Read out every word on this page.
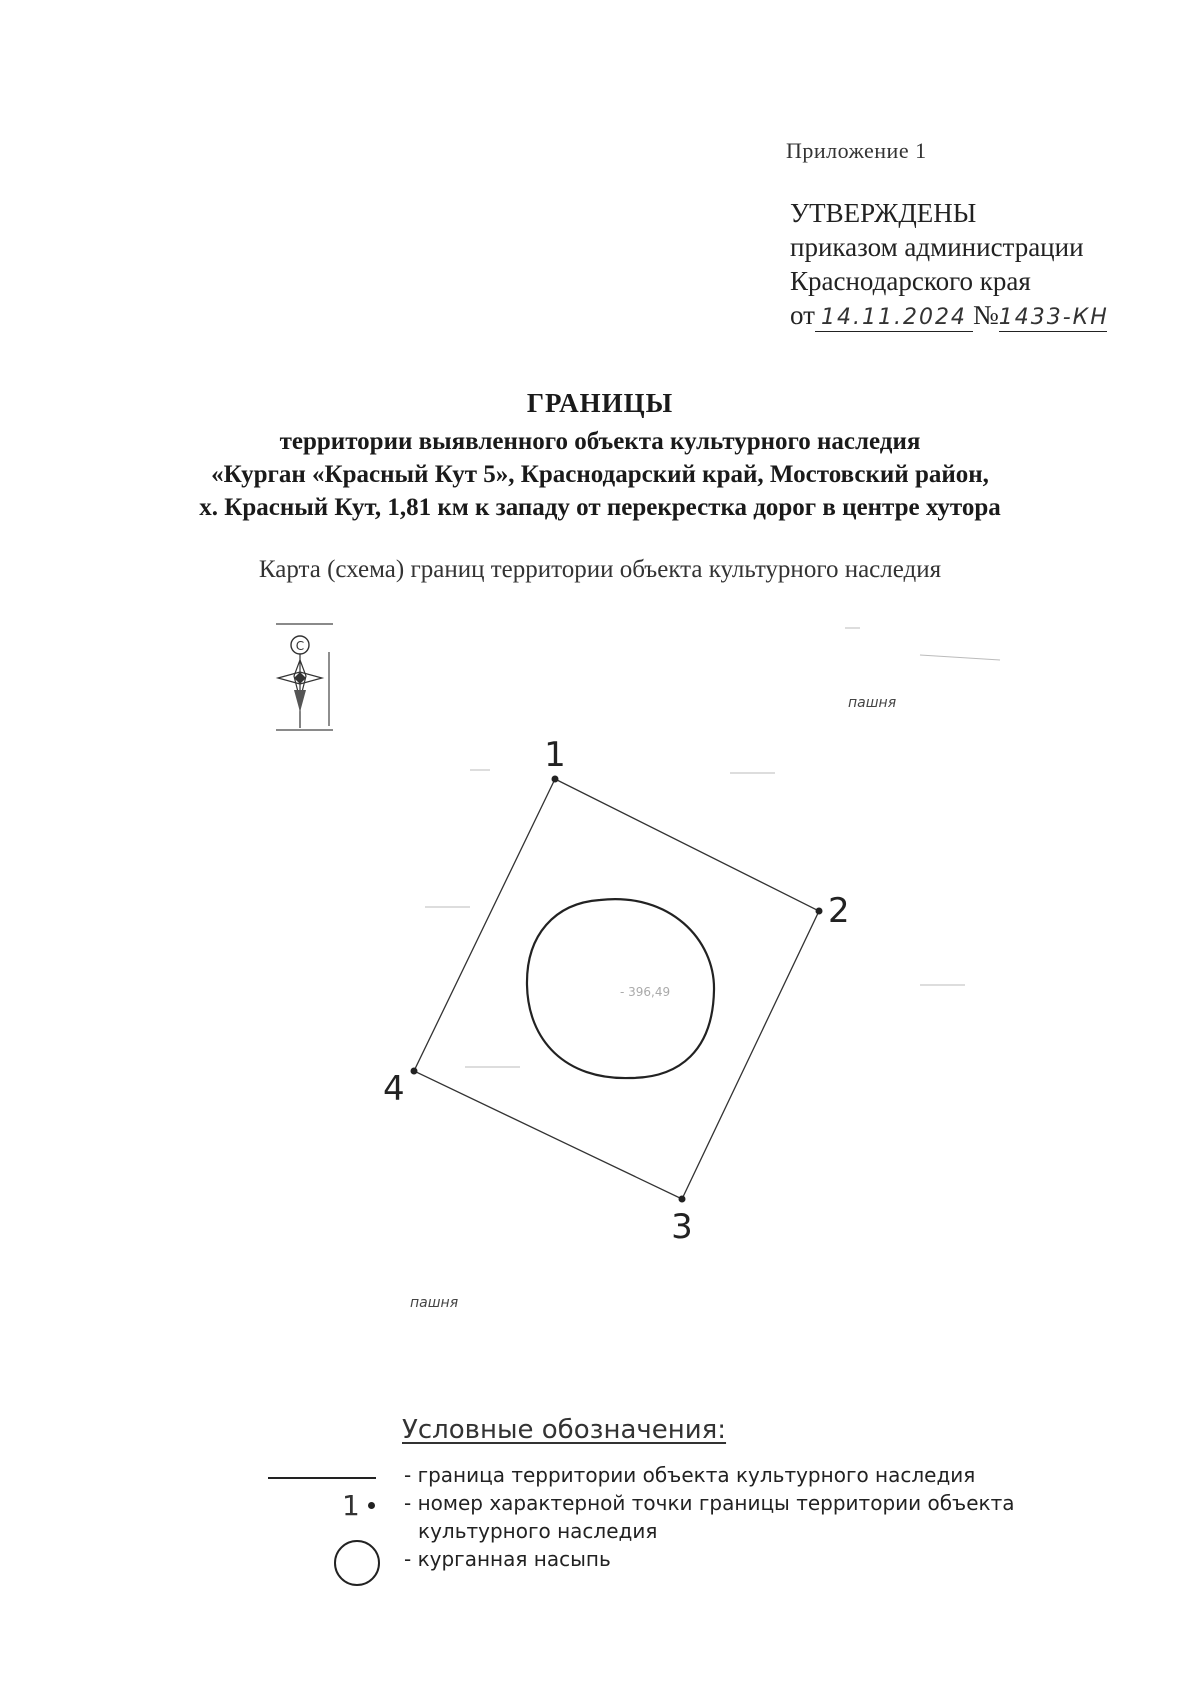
Приложение 1
УТВЕРЖДЕНЫ
приказом администрации
Краснодарского края
от 14.11.2024 №1433-КН
ГРАНИЦЫ
территории выявленного объекта культурного наследия
«Курган «Красный Кут 5», Краснодарский край, Мостовский район,
х. Красный Кут, 1,81 км к западу от перекрестка дорог в центре хутора
Карта (схема) границ территории объекта культурного наследия
С
- 396,49
1
2
3
4
пашня
пашня
Условные обозначения:
- граница территории объекта культурного наследия
1 - номер характерной точки границы территории объекта
культурного наследия
- курганная насыпь
